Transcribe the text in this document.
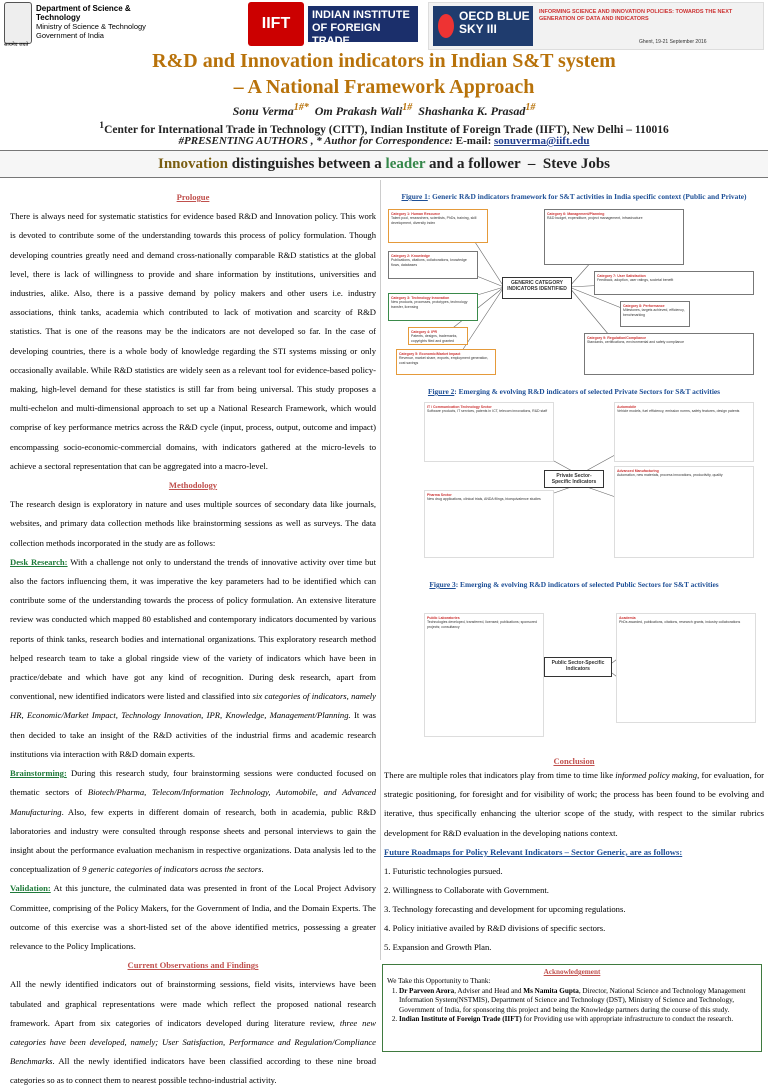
Department of Science & Technology
Ministry of Science & Technology
Government of India
सत्यमेव जयते
IIFT	INDIAN INSTITUTE OF FOREIGN TRADE
OECD BLUE SKY III
INFORMING SCIENCE AND INNOVATION POLICIES: TOWARDS THE NEXT GENERATION OF DATA AND INDICATORS
Ghent, 19-21 September 2016
R&D and Innovation indicators in Indian S&T system
– A National Framework Approach
Sonu Verma$^{1\#*}$ Om Prakash Wali$^{1\#}$ Shashanka K. Prasad$^{1\#}$
$^1$Center for International Trade in Technology (CITT), Indian Institute of Foreign Trade (IIFT), New Delhi – 110016
#PRESENTING AUTHORS , * Author for Correspondence: E-mail: sonuverma@iift.edu
Innovation distinguishes between a leader and a follower – Steve Jobs
Prologue

There is always need for systematic statistics for evidence based R&D and Innovation policy. This work is devoted to contribute some of the understanding towards this process of policy formulation. Though developing countries greatly need and demand cross-nationally comparable R&D statistics at the global level, there is lack of willingness to provide and share information by institutions, universities and industries, alike. Also, there is a passive demand by policy makers and other users i.e. industry associations, think tanks, academia which contributed to lack of motivation and scarcity of R&D statistics. That is one of the reasons may be the indicators are not developed so far. In the case of developing countries, there is a whole body of knowledge regarding the STI systems missing or only occasionally available. While R&D statistics are widely seen as a relevant tool for evidence-based policy-making, high-level demand for these statistics is still far from being universal. This study proposes a multi-echelon and multi-dimensional approach to set up a National Research Framework, which would comprise of key performance metrics across the R&D cycle (input, process, output, outcome and impact) encompassing socio-economic-commercial domains, with indicators gathered at the micro-levels to achieve a sectoral representation that can be aggregated into a macro-level.

Methodology

The research design is exploratory in nature and uses multiple sources of secondary data like journals, websites, and primary data collection methods like brainstorming sessions as well as surveys. The data collection methods incorporated in the study are as follows:

Desk Research: With a challenge not only to understand the trends of innovative activity over time but also the factors influencing them, it was imperative the key parameters had to be identified which can contribute some of the understanding towards the process of policy formulation. An extensive literature review was conducted which mapped 80 established and contemporary indicators documented by various reports of think tanks, research bodies and international organizations. This exploratory research method helped research team to take a global ringside view of the variety of indicators which have been in practice/debate and which have got any kind of recognition. During desk research, apart from conventional, new identified indicators were listed and classified into six categories of indicators, namely HR, Economic/Market Impact, Technology Innovation, IPR, Knowledge, Management/Planning. It was then decided to take an insight of the R&D activities of the industrial firms and academic research institutions via interaction with R&D domain experts.

Brainstorming: During this research study, four brainstorming sessions were conducted focused on thematic sectors of Biotech/Pharma, Telecom/Information Technology, Automobile, and Advanced Manufacturing. Also, few experts in different domain of research, both in academia, public R&D laboratories and industry were consulted through response sheets and personal interviews to gain the insight about the performance evaluation mechanism in respective organizations. Data analysis led to the conceptualization of 9 generic categories of indicators across the sectors.

Validation: At this juncture, the culminated data was presented in front of the Local Project Advisory Committee, comprising of the Policy Makers, for the Government of India, and the Domain Experts. The outcome of this exercise was a short-listed set of the above identified metrics, possessing a greater relevance to the Policy Implications.

Current Observations and Findings

All the newly identified indicators out of brainstorming sessions, field visits, interviews have been tabulated and graphical representations were made which reflect the proposed national research framework. Apart from six categories of indicators developed during literature review, three new categories have been developed, namely; User Satisfaction, Performance and Regulation/Compliance Benchmarks. All the newly identified indicators have been classified according to these nine broad categories so as to connect them to nearest possible techno-industrial activity.

Figure 1: Generic R&D indicators framework for S&T activities in India specific context (Public and Private)
GENERIC CATEGORY INDICATORS IDENTIFIED
Category 1: Human Resource
Talent pool, researchers, scientists, PhDs, training, skill development, diversity index
Category 2: Knowledge
Publications, citations, collaborations, knowledge flows, databases
Category 3: Technology Innovation
New products, processes, prototypes, technology transfer, licensing
Category 4: IPR
Patents, designs, trademarks, copyrights filed and granted
Category 5: Economic/Market Impact
Revenue, market share, exports, employment generation, cost savings
Category 6: Management/Planning
R&D budget, expenditure, project management, infrastructure
Category 7: User Satisfaction
Feedback, adoption, user ratings, societal benefit
Category 8: Performance
Milestones, targets achieved, efficiency, benchmarking
Category 9: Regulation/Compliance
Standards, certifications, environmental and safety compliance
Figure 2: Emerging & evolving R&D indicators of selected Private Sectors for S&T activities
Private Sector-Specific Indicators
IT / Communication Technology Sector
Software products, IT services, patents in ICT, telecom innovations, R&D staff
Automobile
Vehicle models, fuel efficiency, emission norms, safety features, design patents
Pharma Sector
New drug applications, clinical trials, ANDA filings, bioequivalence studies
Advanced Manufacturing
Automation, new materials, process innovations, productivity, quality
Figure 3: Emerging & evolving R&D indicators of selected Public Sectors for S&T activities
Public Sector-Specific Indicators
Public Laboratories
Technologies developed, transferred, licensed; publications; sponsored projects; consultancy
Academia
PhDs awarded, publications, citations, research grants, industry collaborations
Conclusion
There are multiple roles that indicators play from time to time like informed policy making, for evaluation, for strategic positioning, for foresight and for visibility of work; the process has been found to be evolving and iterative, thus specifically enhancing the ulterior scope of the study, with respect to the similar rubrics development for R&D evaluation in the developing nations context.
Future Roadmaps for Policy Relevant Indicators – Sector Generic, are as follows:
1. Futuristic technologies pursued.
2. Willingness to Collaborate with Government.
3. Technology forecasting and development for upcoming regulations.
4. Policy initiative availed by R&D divisions of specific sectors.
5. Expansion and Growth Plan.
Acknowledgement
We Take this Opportunity to Thank:
1. Dr Parveen Arora, Adviser and Head and Ms Namita Gupta, Director, National Science and Technology Management Information System(NSTMIS), Department of Science and Technology (DST), Ministry of Science and Technology, Government of India, for sponsoring this project and being the Knowledge partners during the course of this study.
2. Indian Institute of Foreign Trade (IIFT) for Providing use with appropriate infrastructure to conduct the research.
